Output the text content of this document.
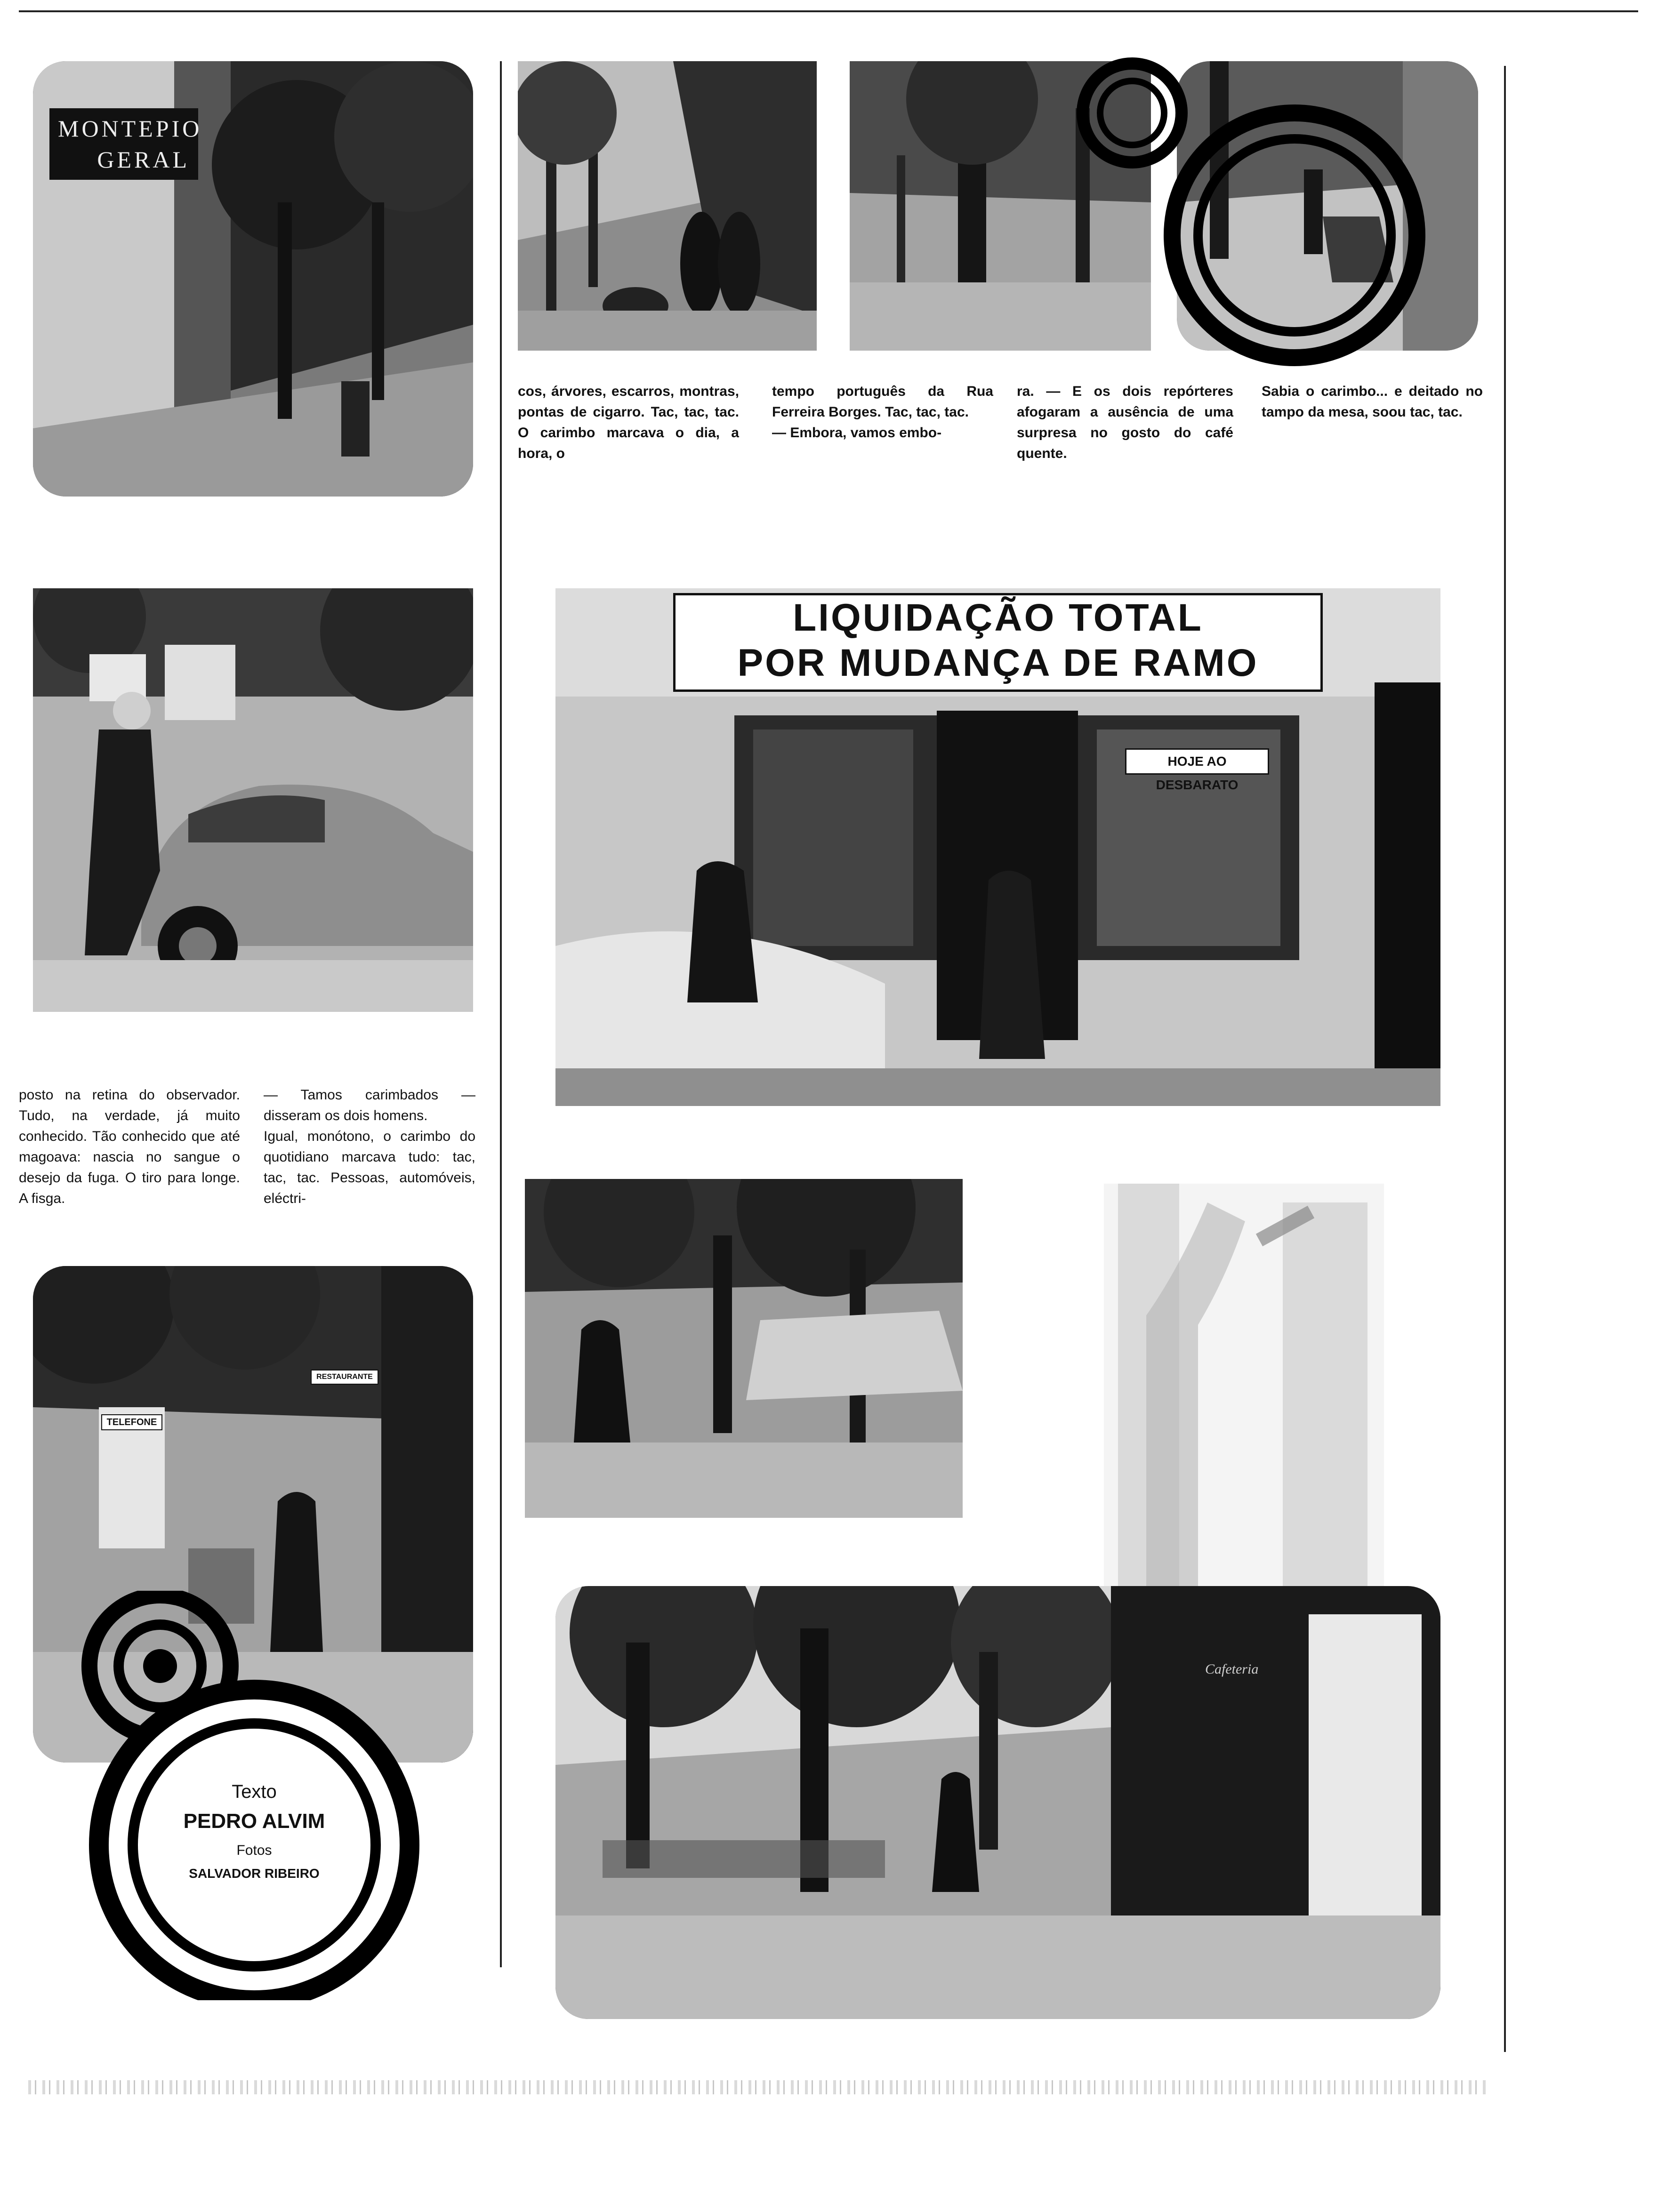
MONTEPIO
GERAL

cos, árvores, escarros, montras, pontas de cigarro. Tac, tac, tac. O carimbo marcava o dia, a hora, o

tempo português da Rua Ferreira Borges. Tac, tac, tac.
— Embora, vamos embo-

ra. — E os dois repórteres afogaram a ausência de uma surpresa no gosto do café quente.

Sabia o carimbo... e deitado no tampo da mesa, soou tac, tac.

posto na retina do observador. Tudo, na verdade, já muito conhecido. Tão conhecido que até magoava: nascia no sangue o desejo da fuga. O tiro para longe. A fisga.

— Tamos carimbados — disseram os dois homens.
Igual, monótono, o carimbo do quotidiano marcava tudo: tac, tac, tac. Pessoas, automóveis, eléctri-

LIQUIDAÇÃO TOTAL
POR MUDANÇA DE RAMO
HOJE AO DESBARATO
Cafeteria
TELEFONE
RESTAURANTE
Texto
PEDRO ALVIM
Fotos
SALVADOR RIBEIRO
